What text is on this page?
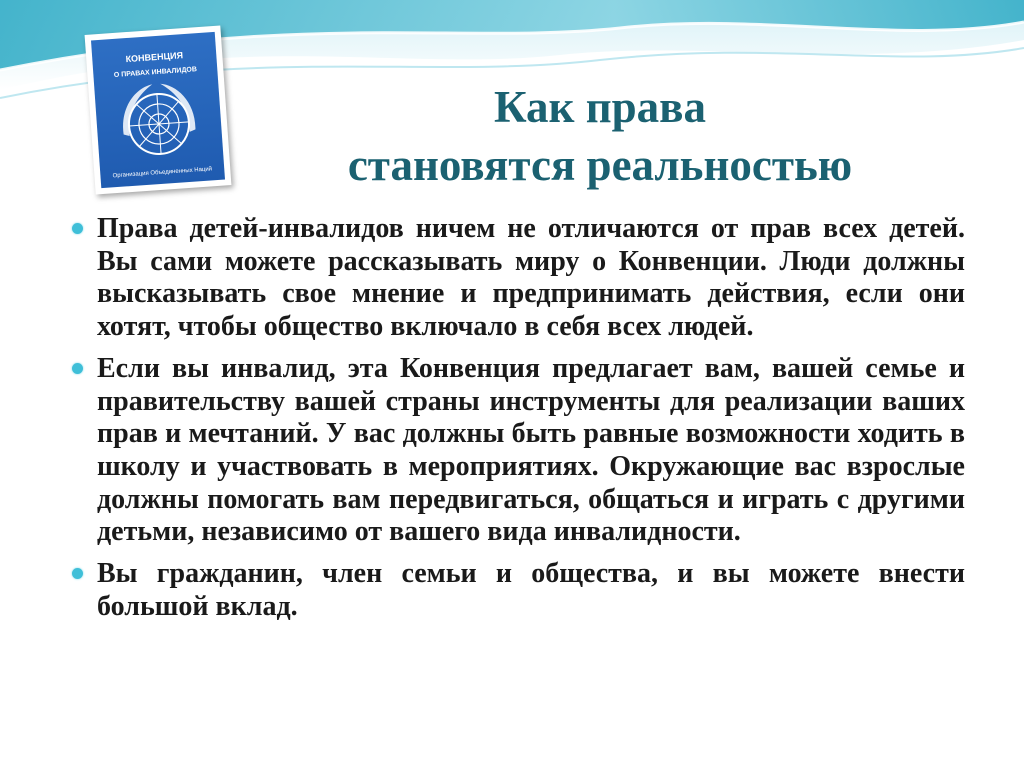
КОНВЕНЦИЯ
О ПРАВАХ ИНВАЛИДОВ
Организация Объединенных Наций
Как права
становятся реальностью
Права детей-инвалидов ничем не отличаются от прав всех детей. Вы сами можете рассказывать миру о Конвенции. Люди должны высказывать свое мнение и предпринимать действия, если они хотят, чтобы общество включало в себя всех людей.
Если вы инвалид, эта Конвенция предлагает вам, вашей семье и правительству вашей страны инструменты для реализации ваших прав и мечтаний. У вас должны быть равные возможности ходить в школу и участвовать в мероприятиях. Окружающие вас взрослые должны помогать вам передвигаться, общаться и играть с другими детьми, независимо от вашего вида инвалидности.
Вы гражданин, член семьи и общества, и вы можете внести большой вклад.
